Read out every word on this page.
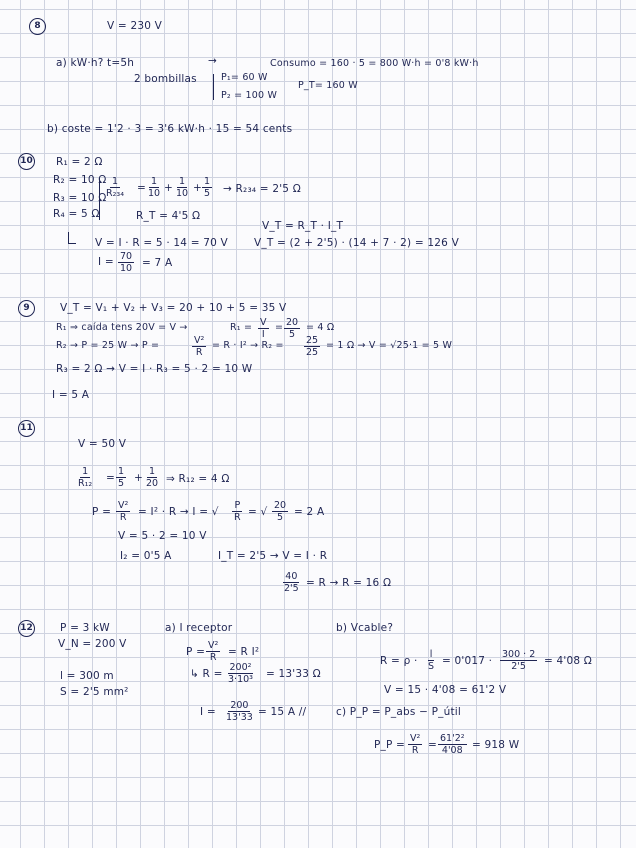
8	V = 230 V
a) kW·h? t=5h	→	Consumo = 160 · 5 = 800 W·h = 0'8 kW·h
2 bombillas	P₁= 60 W
P₂ = 100 W
P_T= 160 W
b) coste = 1'2 · 3 = 3'6 kW·h · 15 = 54 cents
10 R₁ = 2 Ω
R₂ = 10 Ω
R₃ = 10 Ω
R₄ = 5 Ω
$\frac{1}{\text{R₂₃₄}} = \frac{1}{10} + \frac{1}{10} + \frac{1}{5} \to R_{234} = 2'5$ Ω
R_T = 4'5 Ω
V_T = R_T · I_T
V = I · R = 5 · 14 = 70 V V_T = (2 + 2'5) · (14 + 7 · 2) = 126 V
$I = \frac{70}{10} = 7$ A
9	V_T = V₁ + V₂ + V₃ = 20 + 10 + 5 = 35 V
R₁ ⇒ caída tens 20V = V →	$R_1 = \frac{V}{I} = \frac{20}{5} = 4$ Ω
R₂ → P = 25 W → P =	$\frac{\text{V²}}{R} = R \cdot I^2 \to R_2 = \frac{25}{25} = 1$ Ω → V = √25·1 = 5 W
R₃ = 2 Ω → V = I · R₃ = 5 · 2 = 10 W
I = 5 A
11
V = 50 V
$\frac{1}{\text{R₁₂}} = \frac{1}{5} + \frac{1}{20}$ ⇒ R₁₂ = 4 Ω
$P = \frac{\text{V²}}{R} = I^2 \cdot R \to I$ = √ $\frac{P}{R}$ = √ $\frac{20}{5} = 2$ A
V = 5 · 2 = 10 V
I₂ = 0'5 A	I_T = 2'5 → V = I · R
$\frac{40}{2'5} = R \to R = 16$ Ω
12	P = 3 kW
V_N = 200 V
l = 300 m
S = 2'5 mm²
a) I receptor
$P = \frac{\text{V²}}{R} = R$ I²
↳ $R = \frac{\text{200²}}{\text{3·10³}} = 13'33$ Ω
$I = \frac{200}{13'33} = 15$ A //
b) Vcable?
$R = \rho \cdot \frac{l}{S} = 0'017 \cdot \frac{300 \cdot 2}{2'5} = 4'08$ Ω
V = 15 · 4'08 = 61'2 V
c) P_P = P_abs − P_útil
P_P = $\frac{\text{V²}}{R} = \frac{\text{61'2²}}{4'08} = 918$ W
